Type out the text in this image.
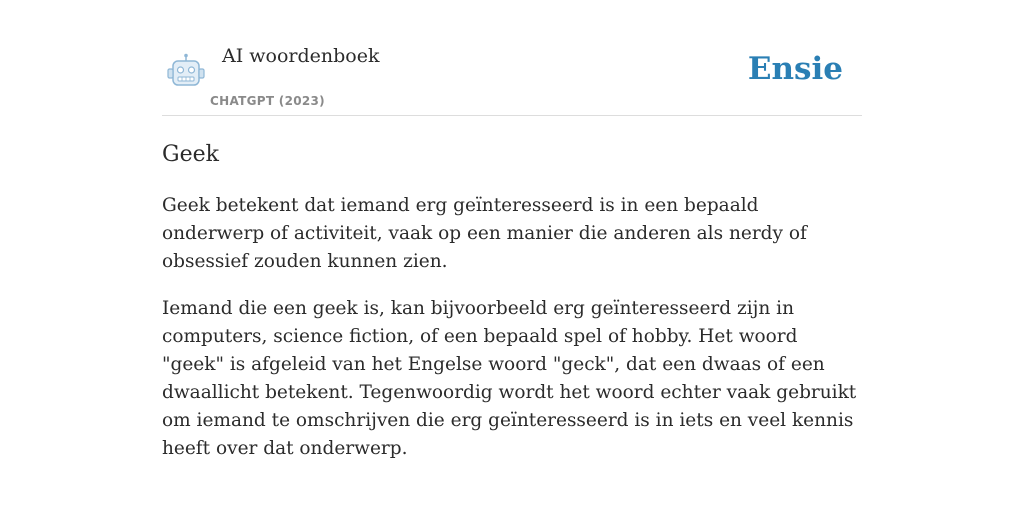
AI woordenboek
CHATGPT (2023)
Ensie
Geek

Geek betekent dat iemand erg geïnteresseerd is in een bepaald onderwerp of activiteit, vaak op een manier die anderen als nerdy of obsessief zouden kunnen zien.

Iemand die een geek is, kan bijvoorbeeld erg geïnteresseerd zijn in computers, science fiction, of een bepaald spel of hobby. Het woord "geek" is afgeleid van het Engelse woord "geck", dat een dwaas of een dwaallicht betekent. Tegenwoordig wordt het woord echter vaak gebruikt om iemand te omschrijven die erg geïnteresseerd is in iets en veel kennis heeft over dat onderwerp.
